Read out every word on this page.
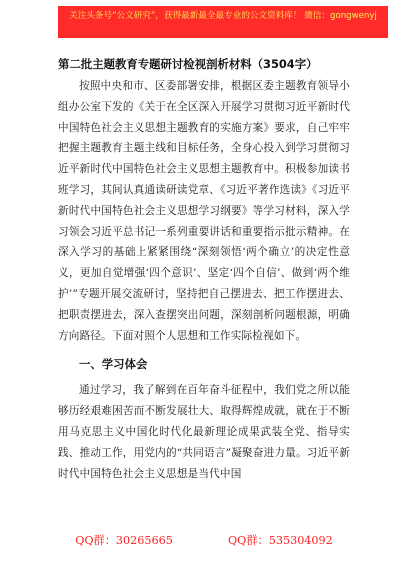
关注头条号“公文研究”，获得最新最全最专业的公文资料库！ 微信：gongwenyj
第二批主题教育专题研讨检视剖析材料（3504字）

按照中央和市、区委部署安排，根据区委主题教育领导小组办公室下发的《关于在全区深入开展学习贯彻习近平新时代中国特色社会主义思想主题教育的实施方案》要求，自己牢牢把握主题教育主题主线和目标任务，全身心投入到学习贯彻习近平新时代中国特色社会主义思想主题教育中。积极参加读书班学习，其间认真通读研读党章、《习近平著作选读》《习近平新时代中国特色社会主义思想学习纲要》等学习材料，深入学习领会习近平总书记一系列重要讲话和重要指示批示精神。在深入学习的基础上紧紧围绕“深刻领悟‘两个确立’的决定性意义，更加自觉增强‘四个意识’、坚定‘四个自信’、做到‘两个维护’”专题开展交流研讨，坚持把自己摆进去、把工作摆进去、把职责摆进去，深入查摆突出问题，深刻剖析问题根源，明确方向路径。下面对照个人思想和工作实际检视如下。

一、学习体会

通过学习，我了解到在百年奋斗征程中，我们党之所以能够历经艰难困苦而不断发展壮大、取得辉煌成就，就在于不断用马克思主义中国化时代化最新理论成果武装全党、指导实践、推动工作，用党内的“共同语言”凝聚奋进力量。习近平新时代中国特色社会主义思想是当代中国

QQ群：30265665	QQ群：535304092
